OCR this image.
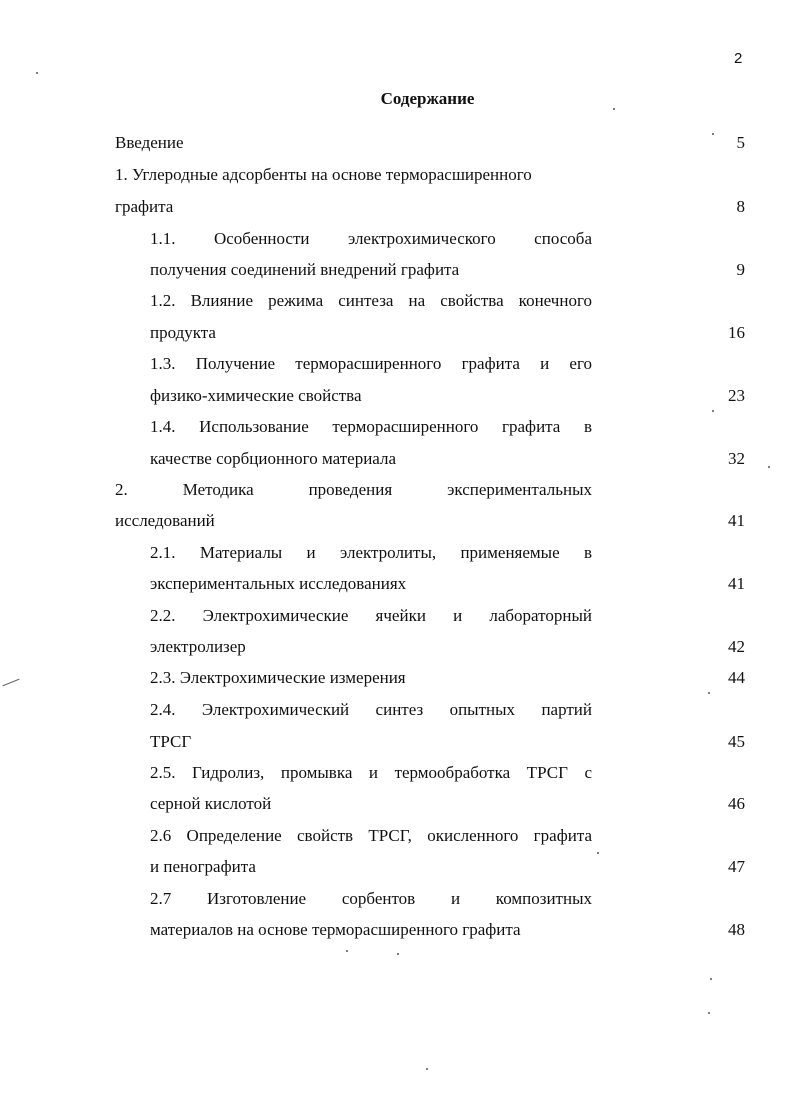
2
Содержание
Введение	5
1. Углеродные адсорбенты на основе терморасширенного
графита	8
1.1. Особенности электрохимического способа
получения соединений внедрений графита	9
1.2. Влияние режима синтеза на свойства конечного
продукта	16
1.3. Получение терморасширенного графита и его
физико-химические свойства	23
1.4. Использование терморасширенного графита в
качестве сорбционного материала	32
2. Методика проведения экспериментальных
исследований	41
2.1. Материалы и электролиты, применяемые в
экспериментальных исследованиях	41
2.2. Электрохимические ячейки и лабораторный
электролизер	42
2.3. Электрохимические измерения	44
2.4. Электрохимический синтез опытных партий
ТРСГ	45
2.5. Гидролиз, промывка и термообработка ТРСГ с
серной кислотой	46
2.6 Определение свойств ТРСГ, окисленного графита
и пенографита	47
2.7 Изготовление сорбентов и композитных
материалов на основе терморасширенного графита	48
